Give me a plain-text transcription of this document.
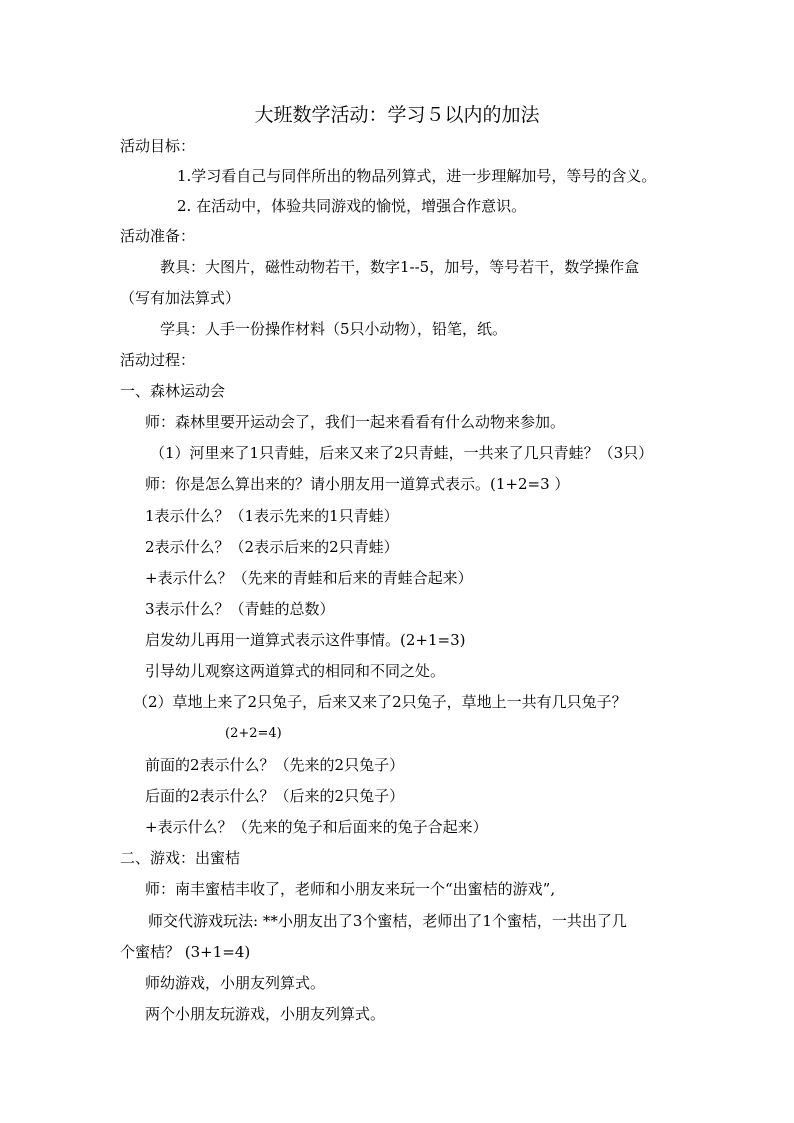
大班数学活动：学习５以内的加法
活动目标：
1.学习看自己与同伴所出的物品列算式，进一步理解加号，等号的含义。
2. 在活动中，体验共同游戏的愉悦，增强合作意识。
活动准备：
教具：大图片，磁性动物若干，数字1--5，加号，等号若干，数学操作盒
（写有加法算式）
学具：人手一份操作材料（5只小动物），铅笔，纸。
活动过程：
一、森林运动会
师：森林里要开运动会了，我们一起来看看有什么动物来参加。
（1）河里来了1只青蛙，后来又来了2只青蛙，一共来了几只青蛙？（3只）
师：你是怎么算出来的？请小朋友用一道算式表示。(1+2=3 ）
1表示什么？（1表示先来的1只青蛙）
2表示什么？（2表示后来的2只青蛙）
+表示什么？（先来的青蛙和后来的青蛙合起来）
3表示什么？（青蛙的总数）
启发幼儿再用一道算式表示这件事情。(2+1=3)
引导幼儿观察这两道算式的相同和不同之处。
（2）草地上来了2只兔子，后来又来了2只兔子，草地上一共有几只兔子？
(2+2=4)
前面的2表示什么？（先来的2只兔子）
后面的2表示什么？（后来的2只兔子）
+表示什么？（先来的兔子和后面来的兔子合起来）
二、游戏：出蜜桔
师：南丰蜜桔丰收了，老师和小朋友来玩一个“出蜜桔的游戏”,
师交代游戏玩法: **小朋友出了3个蜜桔，老师出了1个蜜桔，一共出了几
个蜜桔？ (3+1=4)
师幼游戏，小朋友列算式。
两个小朋友玩游戏，小朋友列算式。
